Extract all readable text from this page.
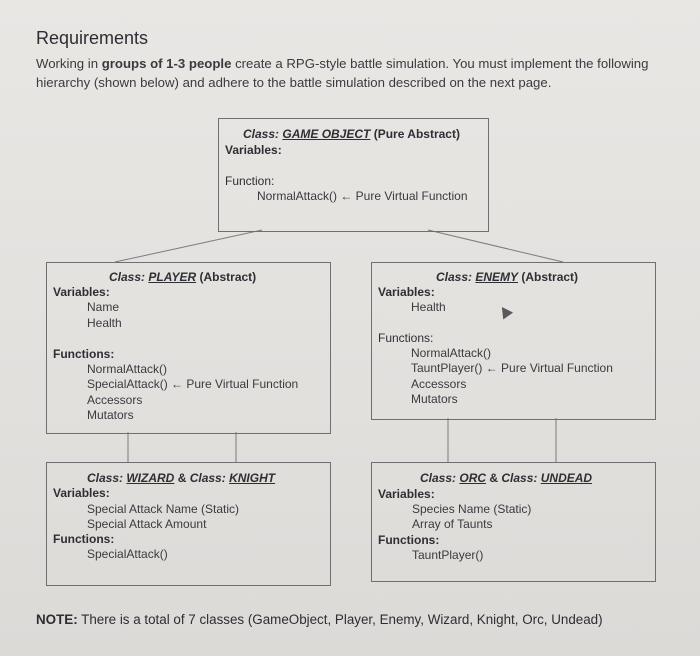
Requirements
Working in groups of 1-3 people create a RPG-style battle simulation. You must implement the following hierarchy (shown below) and adhere to the battle simulation described on the next page.
Class: GAME OBJECT (Pure Abstract)
Variables:
Function:
NormalAttack() ← Pure Virtual Function
Class: PLAYER (Abstract)
Variables:
Name
Health
Functions:
NormalAttack()
SpecialAttack() ← Pure Virtual Function
Accessors
Mutators
Class: ENEMY (Abstract)
Variables:
Health
Functions:
NormalAttack()
TauntPlayer() ← Pure Virtual Function
Accessors
Mutators
Class: WIZARD & Class: KNIGHT
Variables:
Special Attack Name (Static)
Special Attack Amount
Functions:
SpecialAttack()
Class: ORC & Class: UNDEAD
Variables:
Species Name (Static)
Array of Taunts
Functions:
TauntPlayer()
NOTE: There is a total of 7 classes (GameObject, Player, Enemy, Wizard, Knight, Orc, Undead)
